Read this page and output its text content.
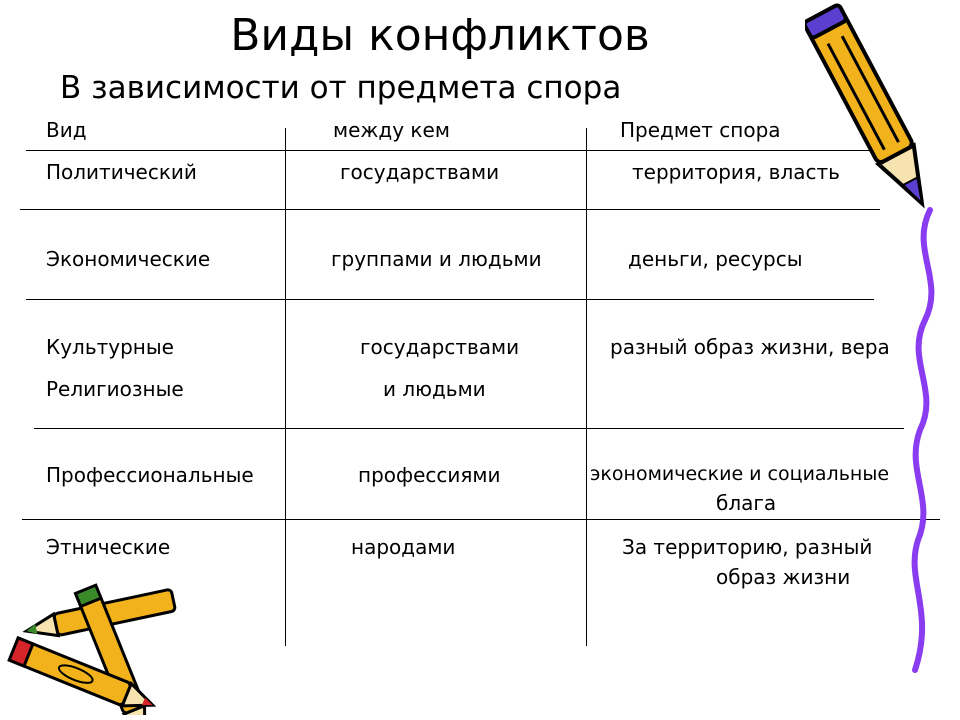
Виды конфликтов
В зависимости от предмета спора
Вид	между кем	Предмет спора
Политический	государствами	территория, власть
Экономические	группами и людьми	деньги, ресурсы
Культурные	государствами	разный образ жизни, вера
Религиозные	и людьми
Профессиональные	профессиями	экономические и социальные
блага
Этнические	народами	За территорию, разный
образ жизни
